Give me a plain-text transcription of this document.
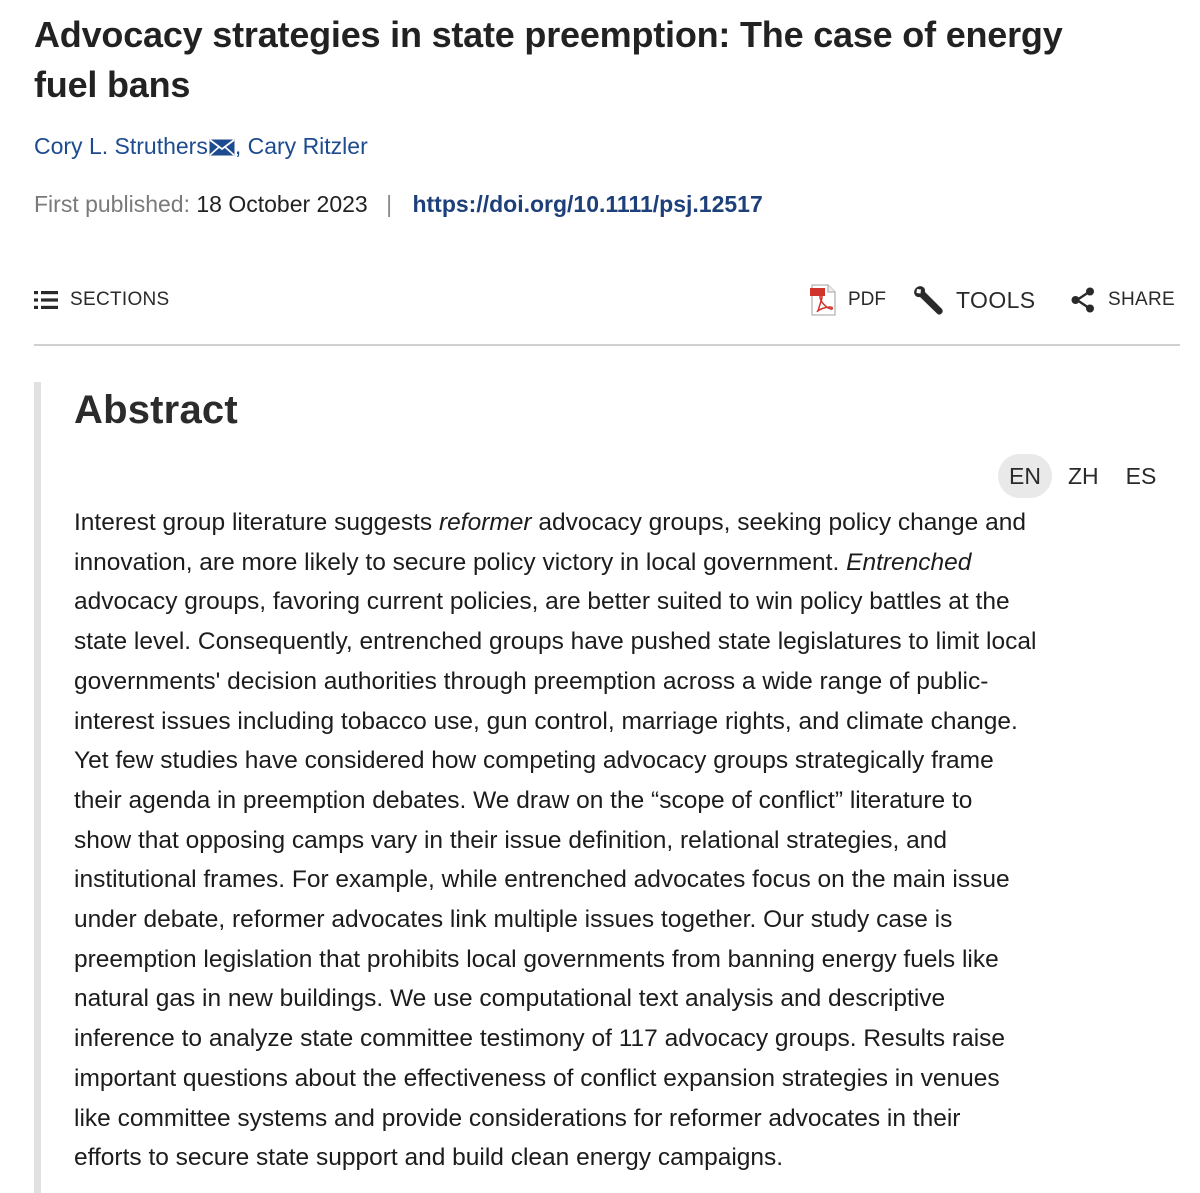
Advocacy strategies in state preemption: The case of energy
fuel bans
Cory L. Struthers , Cary Ritzler
First published: 18 October 2023 | https://doi.org/10.1111/psj.12517
SECTIONS	PDF	TOOLS	SHARE
Abstract
EN	ZH	ES

Interest group literature suggests reformer advocacy groups, seeking policy change and
innovation, are more likely to secure policy victory in local government. Entrenched
advocacy groups, favoring current policies, are better suited to win policy battles at the
state level. Consequently, entrenched groups have pushed state legislatures to limit local
governments' decision authorities through preemption across a wide range of public-
interest issues including tobacco use, gun control, marriage rights, and climate change.
Yet few studies have considered how competing advocacy groups strategically frame
their agenda in preemption debates. We draw on the “scope of conflict” literature to
show that opposing camps vary in their issue definition, relational strategies, and
institutional frames. For example, while entrenched advocates focus on the main issue
under debate, reformer advocates link multiple issues together. Our study case is
preemption legislation that prohibits local governments from banning energy fuels like
natural gas in new buildings. We use computational text analysis and descriptive
inference to analyze state committee testimony of 117 advocacy groups. Results raise
important questions about the effectiveness of conflict expansion strategies in venues
like committee systems and provide considerations for reformer advocates in their
efforts to secure state support and build clean energy campaigns.
